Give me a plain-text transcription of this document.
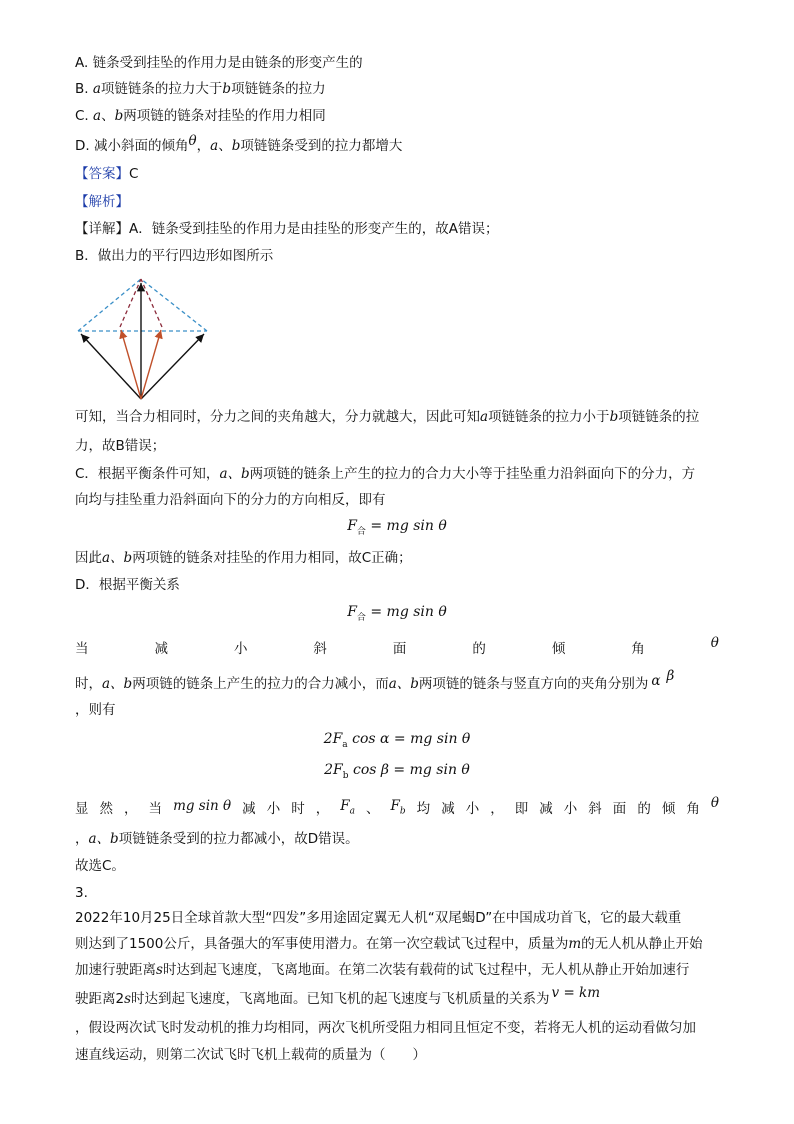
A. 链条受到挂坠的作用力是由链条的形变产生的
B. a项链链条的拉力大于b项链链条的拉力
C. a、b两项链的链条对挂坠的作用力相同
D. 减小斜面的倾角θ，a、b项链链条受到的拉力都增大
【答案】C
【解析】
【详解】A．链条受到挂坠的作用力是由挂坠的形变产生的，故A错误；
B．做出力的平行四边形如图所示
可知，当合力相同时，分力之间的夹角越大，分力就越大，因此可知a项链链条的拉力小于b项链链条的拉
力，故B错误；
C．根据平衡条件可知，a、b两项链的链条上产生的拉力的合力大小等于挂坠重力沿斜面向下的分力，方
向均与挂坠重力沿斜面向下的分力的方向相反，即有
$F_合$ = mg sin θ
因此a、b两项链的链条对挂坠的作用力相同，故C正确；
D．根据平衡关系
$F_合$ = mg sin θ
当	减	小	斜	面	的	倾	角	θ
时，a、b两项链的链条上产生的拉力的合力减小，而a、b两项链的链条与竖直方向的夹角分别为 α β
，则有
$2F_a$ cos α = mg sin θ
$2F_b$ cos β = mg sin θ
显 然 ， 当 mg sin θ 减 小 时 ， $F_a$ 、 $F_b$ 均 减 小 ， 即 减 小 斜 面 的 倾 角 θ
，a、b项链链条受到的拉力都减小，故D错误。
故选C。
3.
2022年10月25日全球首款大型“四发”多用途固定翼无人机“双尾蝎D”在中国成功首飞，它的最大载重
则达到了1500公斤，具备强大的军事使用潜力。在第一次空载试飞过程中，质量为m的无人机从静止开始
加速行驶距离s时达到起飞速度，飞离地面。在第二次装有载荷的试飞过程中，无人机从静止开始加速行
驶距离2s时达到起飞速度，飞离地面。已知飞机的起飞速度与飞机质量的关系为 v = km
，假设两次试飞时发动机的推力均相同，两次飞机所受阻力相同且恒定不变，若将无人机的运动看做匀加
速直线运动，则第二次试飞时飞机上载荷的质量为（　　）
